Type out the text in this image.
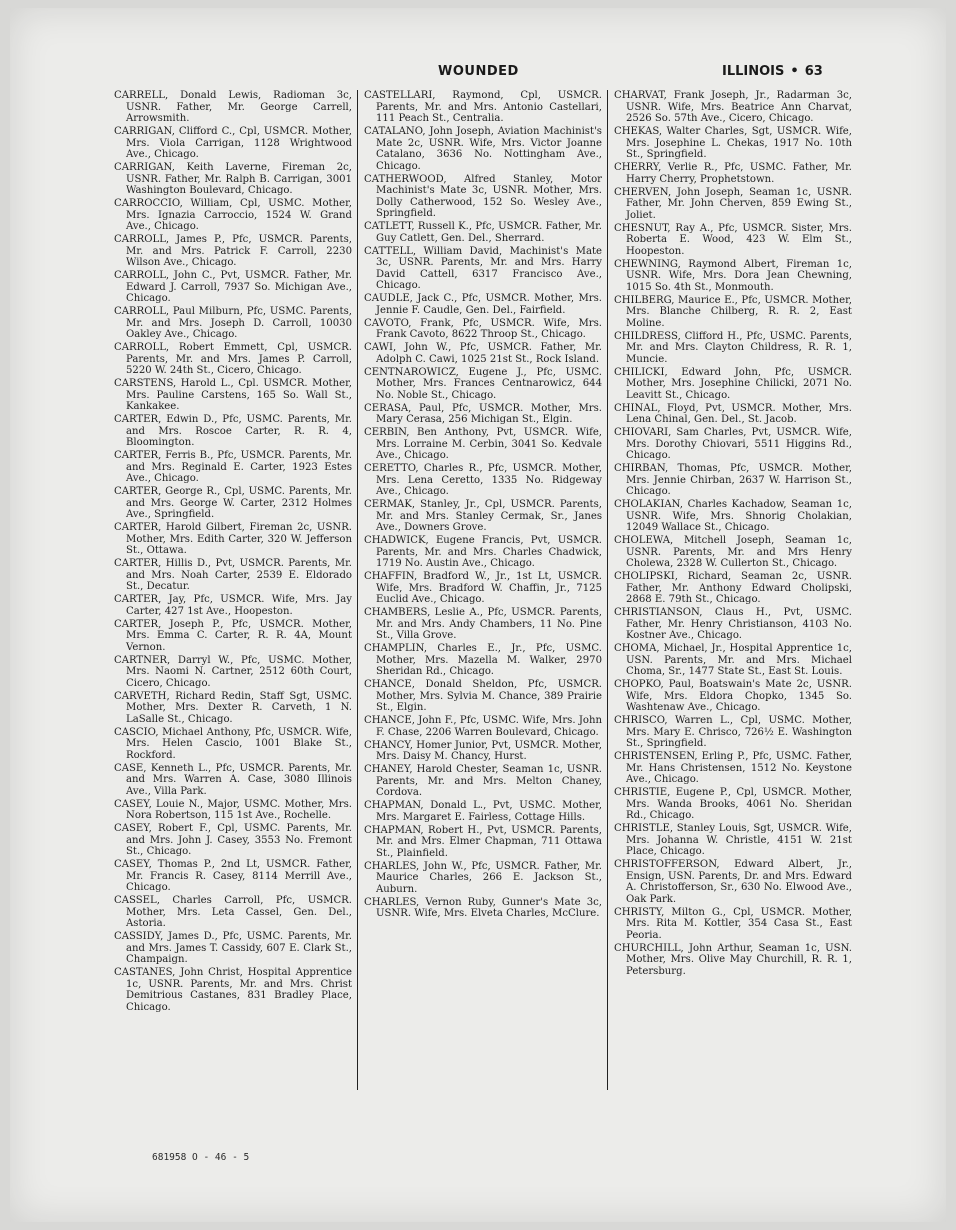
WOUNDED	ILLINOIS • 63

CARRELL, Donald Lewis, Radioman 3c, USNR. Father, Mr. George Carrell, Arrowsmith.

CARRIGAN, Clifford C., Cpl, USMCR. Mother, Mrs. Viola Carrigan, 1128 Wrightwood Ave., Chicago.

CARRIGAN, Keith Laverne, Fireman 2c, USNR. Father, Mr. Ralph B. Carrigan, 3001 Washington Boulevard, Chicago.

CARROCCIO, William, Cpl, USMC. Mother, Mrs. Ignazia Carroccio, 1524 W. Grand Ave., Chicago.

CARROLL, James P., Pfc, USMCR. Parents, Mr. and Mrs. Patrick F. Carroll, 2230 Wilson Ave., Chicago.

CARROLL, John C., Pvt, USMCR. Father, Mr. Edward J. Carroll, 7937 So. Michigan Ave., Chicago.

CARROLL, Paul Milburn, Pfc, USMC. Parents, Mr. and Mrs. Joseph D. Carroll, 10030 Oakley Ave., Chicago.

CARROLL, Robert Emmett, Cpl, USMCR. Parents, Mr. and Mrs. James P. Carroll, 5220 W. 24th St., Cicero, Chicago.

CARSTENS, Harold L., Cpl. USMCR. Mother, Mrs. Pauline Carstens, 165 So. Wall St., Kankakee.

CARTER, Edwin D., Pfc, USMC. Parents, Mr. and Mrs. Roscoe Carter, R. R. 4, Bloomington.

CARTER, Ferris B., Pfc, USMCR. Parents, Mr. and Mrs. Reginald E. Carter, 1923 Estes Ave., Chicago.

CARTER, George R., Cpl, USMC. Parents, Mr. and Mrs. George W. Carter, 2312 Holmes Ave., Springfield.

CARTER, Harold Gilbert, Fireman 2c, USNR. Mother, Mrs. Edith Carter, 320 W. Jefferson St., Ottawa.

CARTER, Hillis D., Pvt, USMCR. Parents, Mr. and Mrs. Noah Carter, 2539 E. Eldorado St., Decatur.

CARTER, Jay, Pfc, USMCR. Wife, Mrs. Jay Carter, 427 1st Ave., Hoopeston.

CARTER, Joseph P., Pfc, USMCR. Mother, Mrs. Emma C. Carter, R. R. 4A, Mount Vernon.

CARTNER, Darryl W., Pfc, USMC. Mother, Mrs. Naomi N. Cartner, 2512 60th Court, Cicero, Chicago.

CARVETH, Richard Redin, Staff Sgt, USMC. Mother, Mrs. Dexter R. Carveth, 1 N. LaSalle St., Chicago.

CASCIO, Michael Anthony, Pfc, USMCR. Wife, Mrs. Helen Cascio, 1001 Blake St., Rockford.

CASE, Kenneth L., Pfc, USMCR. Parents, Mr. and Mrs. Warren A. Case, 3080 Illinois Ave., Villa Park.

CASEY, Louie N., Major, USMC. Mother, Mrs. Nora Robertson, 115 1st Ave., Rochelle.

CASEY, Robert F., Cpl, USMC. Parents, Mr. and Mrs. John J. Casey, 3553 No. Fremont St., Chicago.

CASEY, Thomas P., 2nd Lt, USMCR. Father, Mr. Francis R. Casey, 8114 Merrill Ave., Chicago.

CASSEL, Charles Carroll, Pfc, USMCR. Mother, Mrs. Leta Cassel, Gen. Del., Astoria.

CASSIDY, James D., Pfc, USMC. Parents, Mr. and Mrs. James T. Cassidy, 607 E. Clark St., Champaign.

CASTANES, John Christ, Hospital Apprentice 1c, USNR. Parents, Mr. and Mrs. Christ Demitrious Castanes, 831 Bradley Place, Chicago.

CASTELLARI, Raymond, Cpl, USMCR. Parents, Mr. and Mrs. Antonio Castellari, 111 Peach St., Centralia.

CATALANO, John Joseph, Aviation Machinist's Mate 2c, USNR. Wife, Mrs. Victor Joanne Catalano, 3636 No. Nottingham Ave., Chicago.

CATHERWOOD, Alfred Stanley, Motor Machinist's Mate 3c, USNR. Mother, Mrs. Dolly Catherwood, 152 So. Wesley Ave., Springfield.

CATLETT, Russell K., Pfc, USMCR. Father, Mr. Guy Catlett, Gen. Del., Sherrard.

CATTELL, William David, Machinist's Mate 3c, USNR. Parents, Mr. and Mrs. Harry David Cattell, 6317 Francisco Ave., Chicago.

CAUDLE, Jack C., Pfc, USMCR. Mother, Mrs. Jennie F. Caudle, Gen. Del., Fairfield.

CAVOTO, Frank, Pfc, USMCR. Wife, Mrs. Frank Cavoto, 8622 Throop St., Chicago.

CAWI, John W., Pfc, USMCR. Father, Mr. Adolph C. Cawi, 1025 21st St., Rock Island.

CENTNAROWICZ, Eugene J., Pfc, USMC. Mother, Mrs. Frances Centnarowicz, 644 No. Noble St., Chicago.

CERASA, Paul, Pfc, USMCR. Mother, Mrs. Mary Cerasa, 256 Michigan St., Elgin.

CERBIN, Ben Anthony, Pvt, USMCR. Wife, Mrs. Lorraine M. Cerbin, 3041 So. Kedvale Ave., Chicago.

CERETTO, Charles R., Pfc, USMCR. Mother, Mrs. Lena Ceretto, 1335 No. Ridgeway Ave., Chicago.

CERMAK, Stanley, Jr., Cpl, USMCR. Parents, Mr. and Mrs. Stanley Cermak, Sr., Janes Ave., Downers Grove.

CHADWICK, Eugene Francis, Pvt, USMCR. Parents, Mr. and Mrs. Charles Chadwick, 1719 No. Austin Ave., Chicago.

CHAFFIN, Bradford W., Jr., 1st Lt, USMCR. Wife, Mrs. Bradford W. Chaffin, Jr., 7125 Euclid Ave., Chicago.

CHAMBERS, Leslie A., Pfc, USMCR. Parents, Mr. and Mrs. Andy Chambers, 11 No. Pine St., Villa Grove.

CHAMPLIN, Charles E., Jr., Pfc, USMC. Mother, Mrs. Mazella M. Walker, 2970 Sheridan Rd., Chicago.

CHANCE, Donald Sheldon, Pfc, USMCR. Mother, Mrs. Sylvia M. Chance, 389 Prairie St., Elgin.

CHANCE, John F., Pfc, USMC. Wife, Mrs. John F. Chase, 2206 Warren Boulevard, Chicago.

CHANCY, Homer Junior, Pvt, USMCR. Mother, Mrs. Daisy M. Chancy, Hurst.

CHANEY, Harold Chester, Seaman 1c, USNR. Parents, Mr. and Mrs. Melton Chaney, Cordova.

CHAPMAN, Donald L., Pvt, USMC. Mother, Mrs. Margaret E. Fairless, Cottage Hills.

CHAPMAN, Robert H., Pvt, USMCR. Parents, Mr. and Mrs. Elmer Chapman, 711 Ottawa St., Plainfield.

CHARLES, John W., Pfc, USMCR. Father, Mr. Maurice Charles, 266 E. Jackson St., Auburn.

CHARLES, Vernon Ruby, Gunner's Mate 3c, USNR. Wife, Mrs. Elveta Charles, McClure.

CHARVAT, Frank Joseph, Jr., Radarman 3c, USNR. Wife, Mrs. Beatrice Ann Charvat, 2526 So. 57th Ave., Cicero, Chicago.

CHEKAS, Walter Charles, Sgt, USMCR. Wife, Mrs. Josephine L. Chekas, 1917 No. 10th St., Springfield.

CHERRY, Verlie R., Pfc, USMC. Father, Mr. Harry Cherry, Prophetstown.

CHERVEN, John Joseph, Seaman 1c, USNR. Father, Mr. John Cherven, 859 Ewing St., Joliet.

CHESNUT, Ray A., Pfc, USMCR. Sister, Mrs. Roberta E. Wood, 423 W. Elm St., Hoopeston.

CHEWNING, Raymond Albert, Fireman 1c, USNR. Wife, Mrs. Dora Jean Chewning, 1015 So. 4th St., Monmouth.

CHILBERG, Maurice E., Pfc, USMCR. Mother, Mrs. Blanche Chilberg, R. R. 2, East Moline.

CHILDRESS, Clifford H., Pfc, USMC. Parents, Mr. and Mrs. Clayton Childress, R. R. 1, Muncie.

CHILICKI, Edward John, Pfc, USMCR. Mother, Mrs. Josephine Chilicki, 2071 No. Leavitt St., Chicago.

CHINAL, Floyd, Pvt, USMCR. Mother, Mrs. Lena Chinal, Gen. Del., St. Jacob.

CHIOVARI, Sam Charles, Pvt, USMCR. Wife, Mrs. Dorothy Chiovari, 5511 Higgins Rd., Chicago.

CHIRBAN, Thomas, Pfc, USMCR. Mother, Mrs. Jennie Chirban, 2637 W. Harrison St., Chicago.

CHOLAKIAN, Charles Kachadow, Seaman 1c, USNR. Wife, Mrs. Shnorig Cholakian, 12049 Wallace St., Chicago.

CHOLEWA, Mitchell Joseph, Seaman 1c, USNR. Parents, Mr. and Mrs Henry Cholewa, 2328 W. Cullerton St., Chicago.

CHOLIPSKI, Richard, Seaman 2c, USNR. Father, Mr. Anthony Edward Cholipski, 2868 E. 79th St., Chicago.

CHRISTIANSON, Claus H., Pvt, USMC. Father, Mr. Henry Christianson, 4103 No. Kostner Ave., Chicago.

CHOMA, Michael, Jr., Hospital Apprentice 1c, USN. Parents, Mr. and Mrs. Michael Choma, Sr., 1477 State St., East St. Louis.

CHOPKO, Paul, Boatswain's Mate 2c, USNR. Wife, Mrs. Eldora Chopko, 1345 So. Washtenaw Ave., Chicago.

CHRISCO, Warren L., Cpl, USMC. Mother, Mrs. Mary E. Chrisco, 726½ E. Washington St., Springfield.

CHRISTENSEN, Erling P., Pfc, USMC. Father, Mr. Hans Christensen, 1512 No. Keystone Ave., Chicago.

CHRISTIE, Eugene P., Cpl, USMCR. Mother, Mrs. Wanda Brooks, 4061 No. Sheridan Rd., Chicago.

CHRISTLE, Stanley Louis, Sgt, USMCR. Wife, Mrs. Johanna W. Christle, 4151 W. 21st Place, Chicago.

CHRISTOFFERSON, Edward Albert, Jr., Ensign, USN. Parents, Dr. and Mrs. Edward A. Christofferson, Sr., 630 No. Elwood Ave., Oak Park.

CHRISTY, Milton G., Cpl, USMCR. Mother, Mrs. Rita M. Kottler, 354 Casa St., East Peoria.

CHURCHILL, John Arthur, Seaman 1c, USN. Mother, Mrs. Olive May Churchill, R. R. 1, Petersburg.

681958 O - 46 - 5
